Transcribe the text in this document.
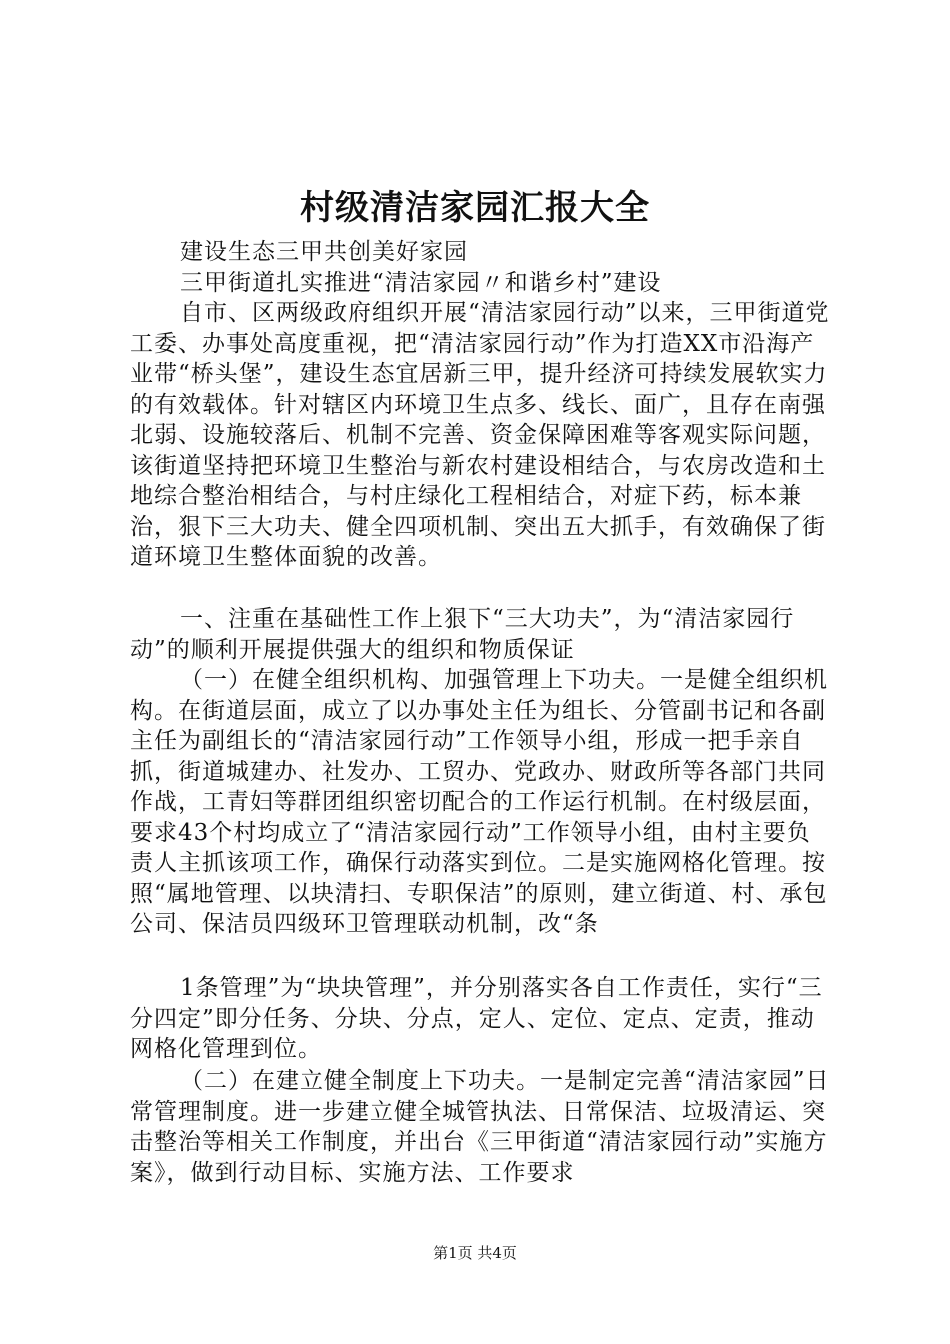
村级清洁家园汇报大全
建设生态三甲共创美好家园
三甲街道扎实推进“清洁家园〃和谐乡村”建设
自市、区两级政府组织开展“清洁家园行动”以来，三甲街道党工委、办事处高度重视，把“清洁家园行动”作为打造XX市沿海产业带“桥头堡”，建设生态宜居新三甲，提升经济可持续发展软实力的有效载体。针对辖区内环境卫生点多、线长、面广，且存在南强北弱、设施较落后、机制不完善、资金保障困难等客观实际问题，该街道坚持把环境卫生整治与新农村建设相结合，与农房改造和土地综合整治相结合，与村庄绿化工程相结合，对症下药，标本兼治，狠下三大功夫、健全四项机制、突出五大抓手，有效确保了街道环境卫生整体面貌的改善。
一、注重在基础性工作上狠下“三大功夫”，为“清洁家园行动”的顺利开展提供强大的组织和物质保证
（一）在健全组织机构、加强管理上下功夫。一是健全组织机构。在街道层面，成立了以办事处主任为组长、分管副书记和各副主任为副组长的“清洁家园行动”工作领导小组，形成一把手亲自抓，街道城建办、社发办、工贸办、党政办、财政所等各部门共同作战，工青妇等群团组织密切配合的工作运行机制。在村级层面，要求43个村均成立了“清洁家园行动”工作领导小组，由村主要负责人主抓该项工作，确保行动落实到位。二是实施网格化管理。按照“属地管理、以块清扫、专职保洁”的原则，建立街道、村、承包公司、保洁员四级环卫管理联动机制，改“条
1条管理”为“块块管理”，并分别落实各自工作责任，实行“三分四定”即分任务、分块、分点，定人、定位、定点、定责，推动网格化管理到位。
（二）在建立健全制度上下功夫。一是制定完善“清洁家园”日常管理制度。进一步建立健全城管执法、日常保洁、垃圾清运、突击整治等相关工作制度，并出台《三甲街道“清洁家园行动”实施方案》，做到行动目标、实施方法、工作要求
第1页 共4页
